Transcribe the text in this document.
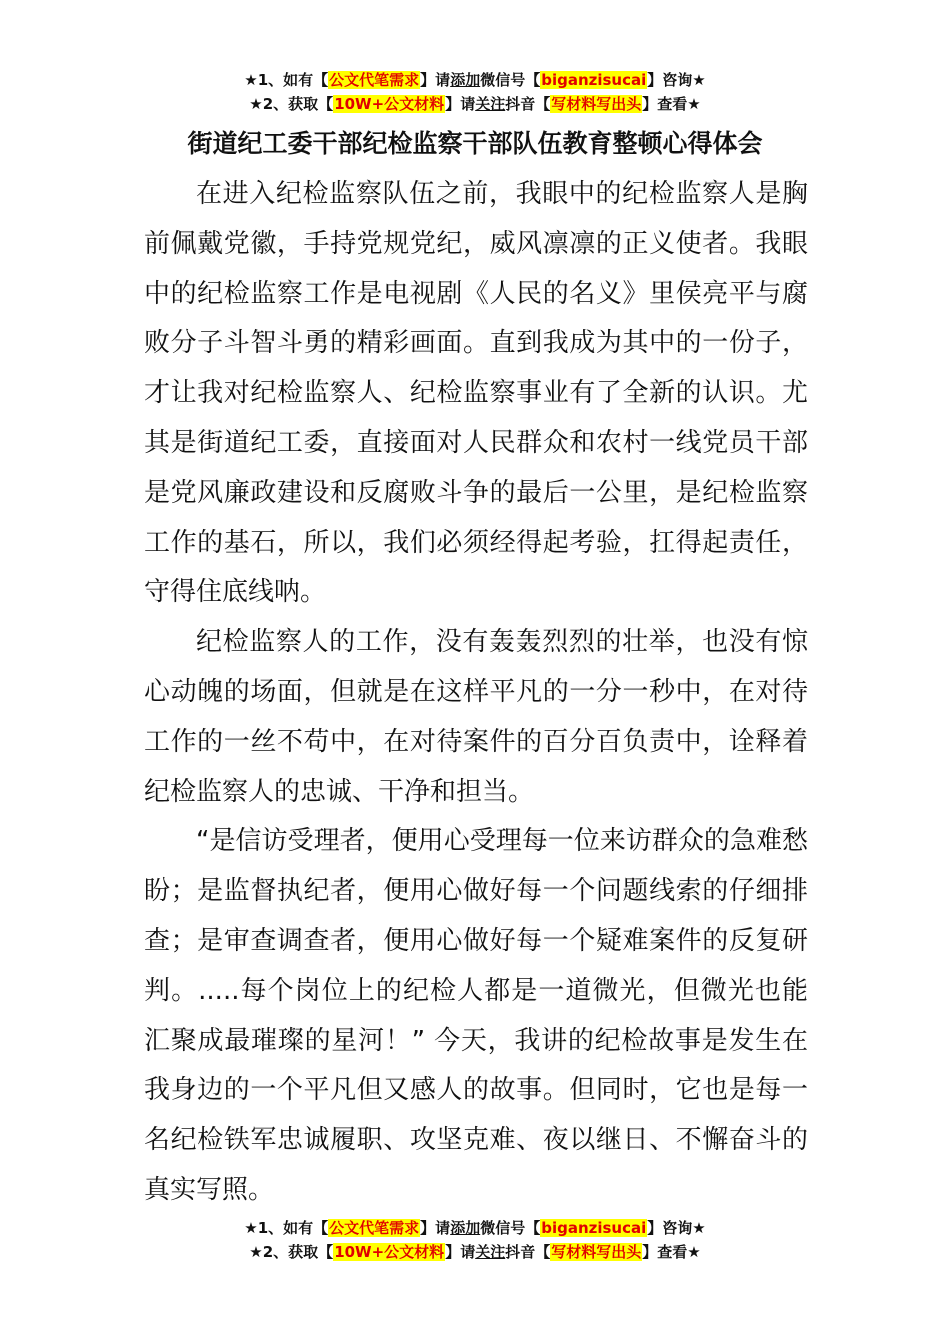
★1、如有【公文代笔需求】请添加微信号【biganzisucai】咨询★
★2、获取【10W+公文材料】请关注抖音【写材料写出头】查看★
街道纪工委干部纪检监察干部队伍教育整顿心得体会

在进入纪检监察队伍之前，我眼中的纪检监察人是胸前佩戴党徽，手持党规党纪，威风凛凛的正义使者。我眼中的纪检监察工作是电视剧《人民的名义》里侯亮平与腐败分子斗智斗勇的精彩画面。直到我成为其中的一份子，才让我对纪检监察人、纪检监察事业有了全新的认识。尤其是街道纪工委，直接面对人民群众和农村一线党员干部是党风廉政建设和反腐败斗争的最后一公里，是纪检监察工作的基石，所以，我们必须经得起考验，扛得起责任，守得住底线呐。

纪检监察人的工作，没有轰轰烈烈的壮举，也没有惊心动魄的场面，但就是在这样平凡的一分一秒中，在对待工作的一丝不苟中，在对待案件的百分百负责中，诠释着纪检监察人的忠诚、干净和担当。

“是信访受理者，便用心受理每一位来访群众的急难愁盼；是监督执纪者，便用心做好每一个问题线索的仔细排查；是审查调查者，便用心做好每一个疑难案件的反复研判。.....每个岗位上的纪检人都是一道微光，但微光也能汇聚成最璀璨的星河！” 今天，我讲的纪检故事是发生在我身边的一个平凡但又感人的故事。但同时，它也是每一名纪检铁军忠诚履职、攻坚克难、夜以继日、不懈奋斗的真实写照。

★1、如有【公文代笔需求】请添加微信号【biganzisucai】咨询★
★2、获取【10W+公文材料】请关注抖音【写材料写出头】查看★
